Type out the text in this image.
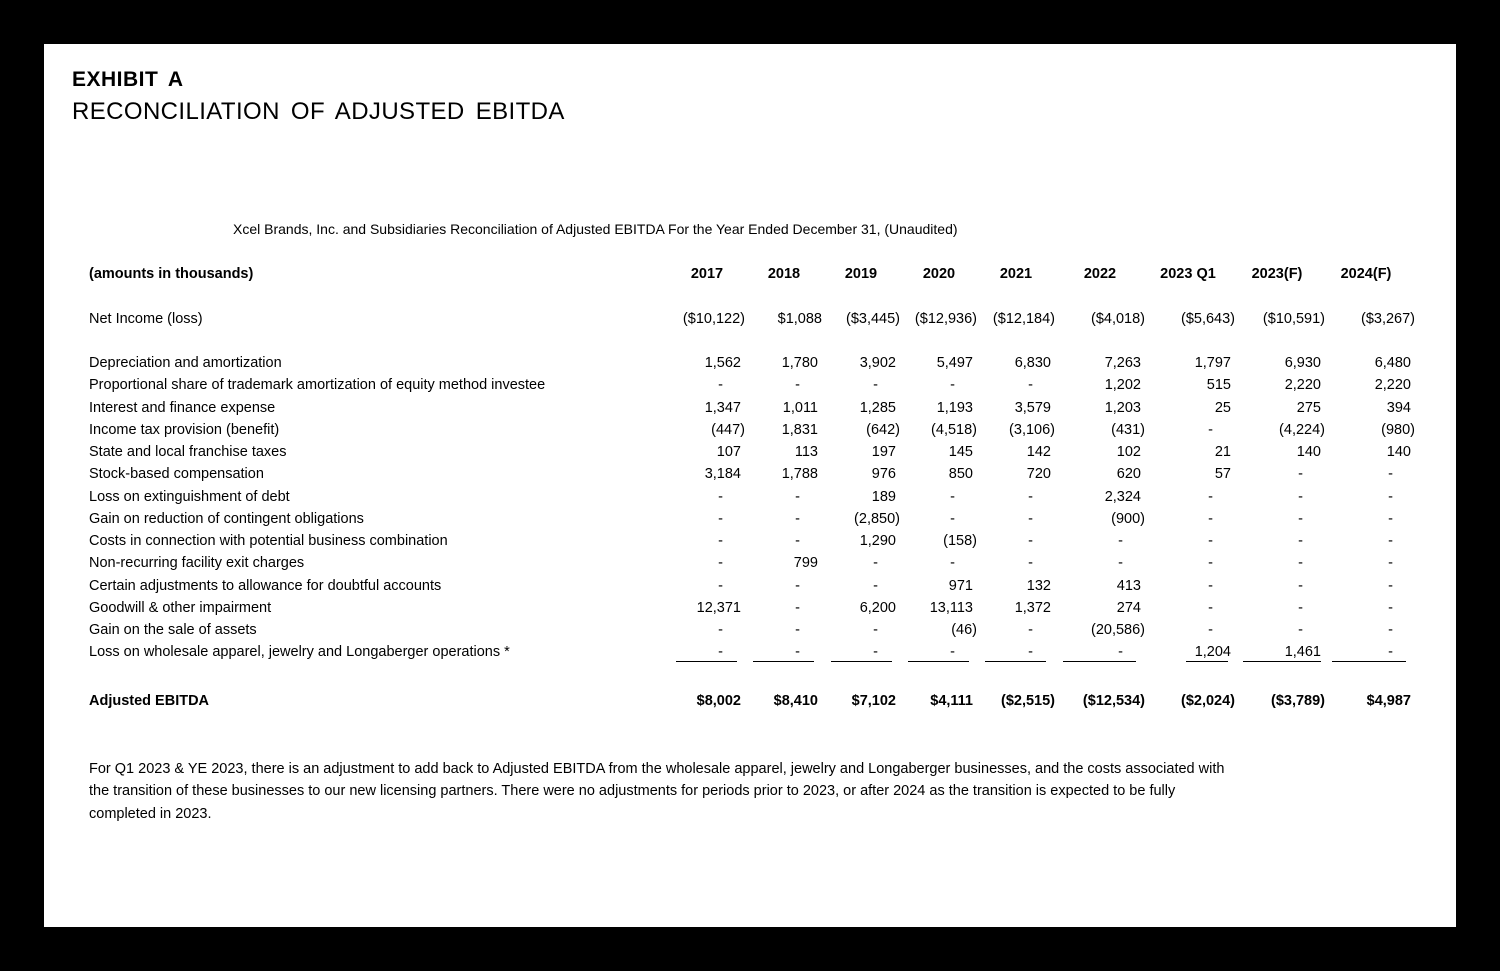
EXHIBIT A
RECONCILIATION OF ADJUSTED EBITDA
Xcel Brands, Inc. and Subsidiaries Reconciliation of Adjusted EBITDA For the Year Ended December 31, (Unaudited)
(amounts in thousands)	2017	2018	2019	2020	2021	2022	2023 Q1	2023(F)	2024(F)
Net Income (loss)	($10,122)	$1,088	($3,445)	($12,936)	($12,184)	($4,018)	($5,643)	($10,591)	($3,267)
Depreciation and amortization	1,562	1,780	3,902	5,497	6,830	7,263	1,797	6,930	6,480
Proportional share of trademark amortization of equity method investee	-	-	-	-	-	1,202	515	2,220	2,220
Interest and finance expense	1,347	1,011	1,285	1,193	3,579	1,203	25	275	394
Income tax provision (benefit)	(447)	1,831	(642)	(4,518)	(3,106)	(431)	-	(4,224)	(980)
State and local franchise taxes	107	113	197	145	142	102	21	140	140
Stock-based compensation	3,184	1,788	976	850	720	620	57	-	-
Loss on extinguishment of debt	-	-	189	-	-	2,324	-	-	-
Gain on reduction of contingent obligations	-	-	(2,850)	-	-	(900)	-	-	-
Costs in connection with potential business combination	-	-	1,290	(158)	-	-	-	-	-
Non-recurring facility exit charges	-	799	-	-	-	-	-	-	-
Certain adjustments to allowance for doubtful accounts	-	-	-	971	132	413	-	-	-
Goodwill & other impairment	12,371	-	6,200	13,113	1,372	274	-	-	-
Gain on the sale of assets	-	-	-	(46)	-	(20,586)	-	-	-
Loss on wholesale apparel, jewelry and Longaberger operations *	-	-	-	-	-	-	1,204	1,461	-
Adjusted EBITDA	$8,002	$8,410	$7,102	$4,111	($2,515)	($12,534)	($2,024)	($3,789)	$4,987
For Q1 2023 & YE 2023, there is an adjustment to add back to Adjusted EBITDA from the wholesale apparel, jewelry and Longaberger businesses, and the costs associated with the transition of these businesses to our new licensing partners. There were no adjustments for periods prior to 2023, or after 2024 as the transition is expected to be fully completed in 2023.
